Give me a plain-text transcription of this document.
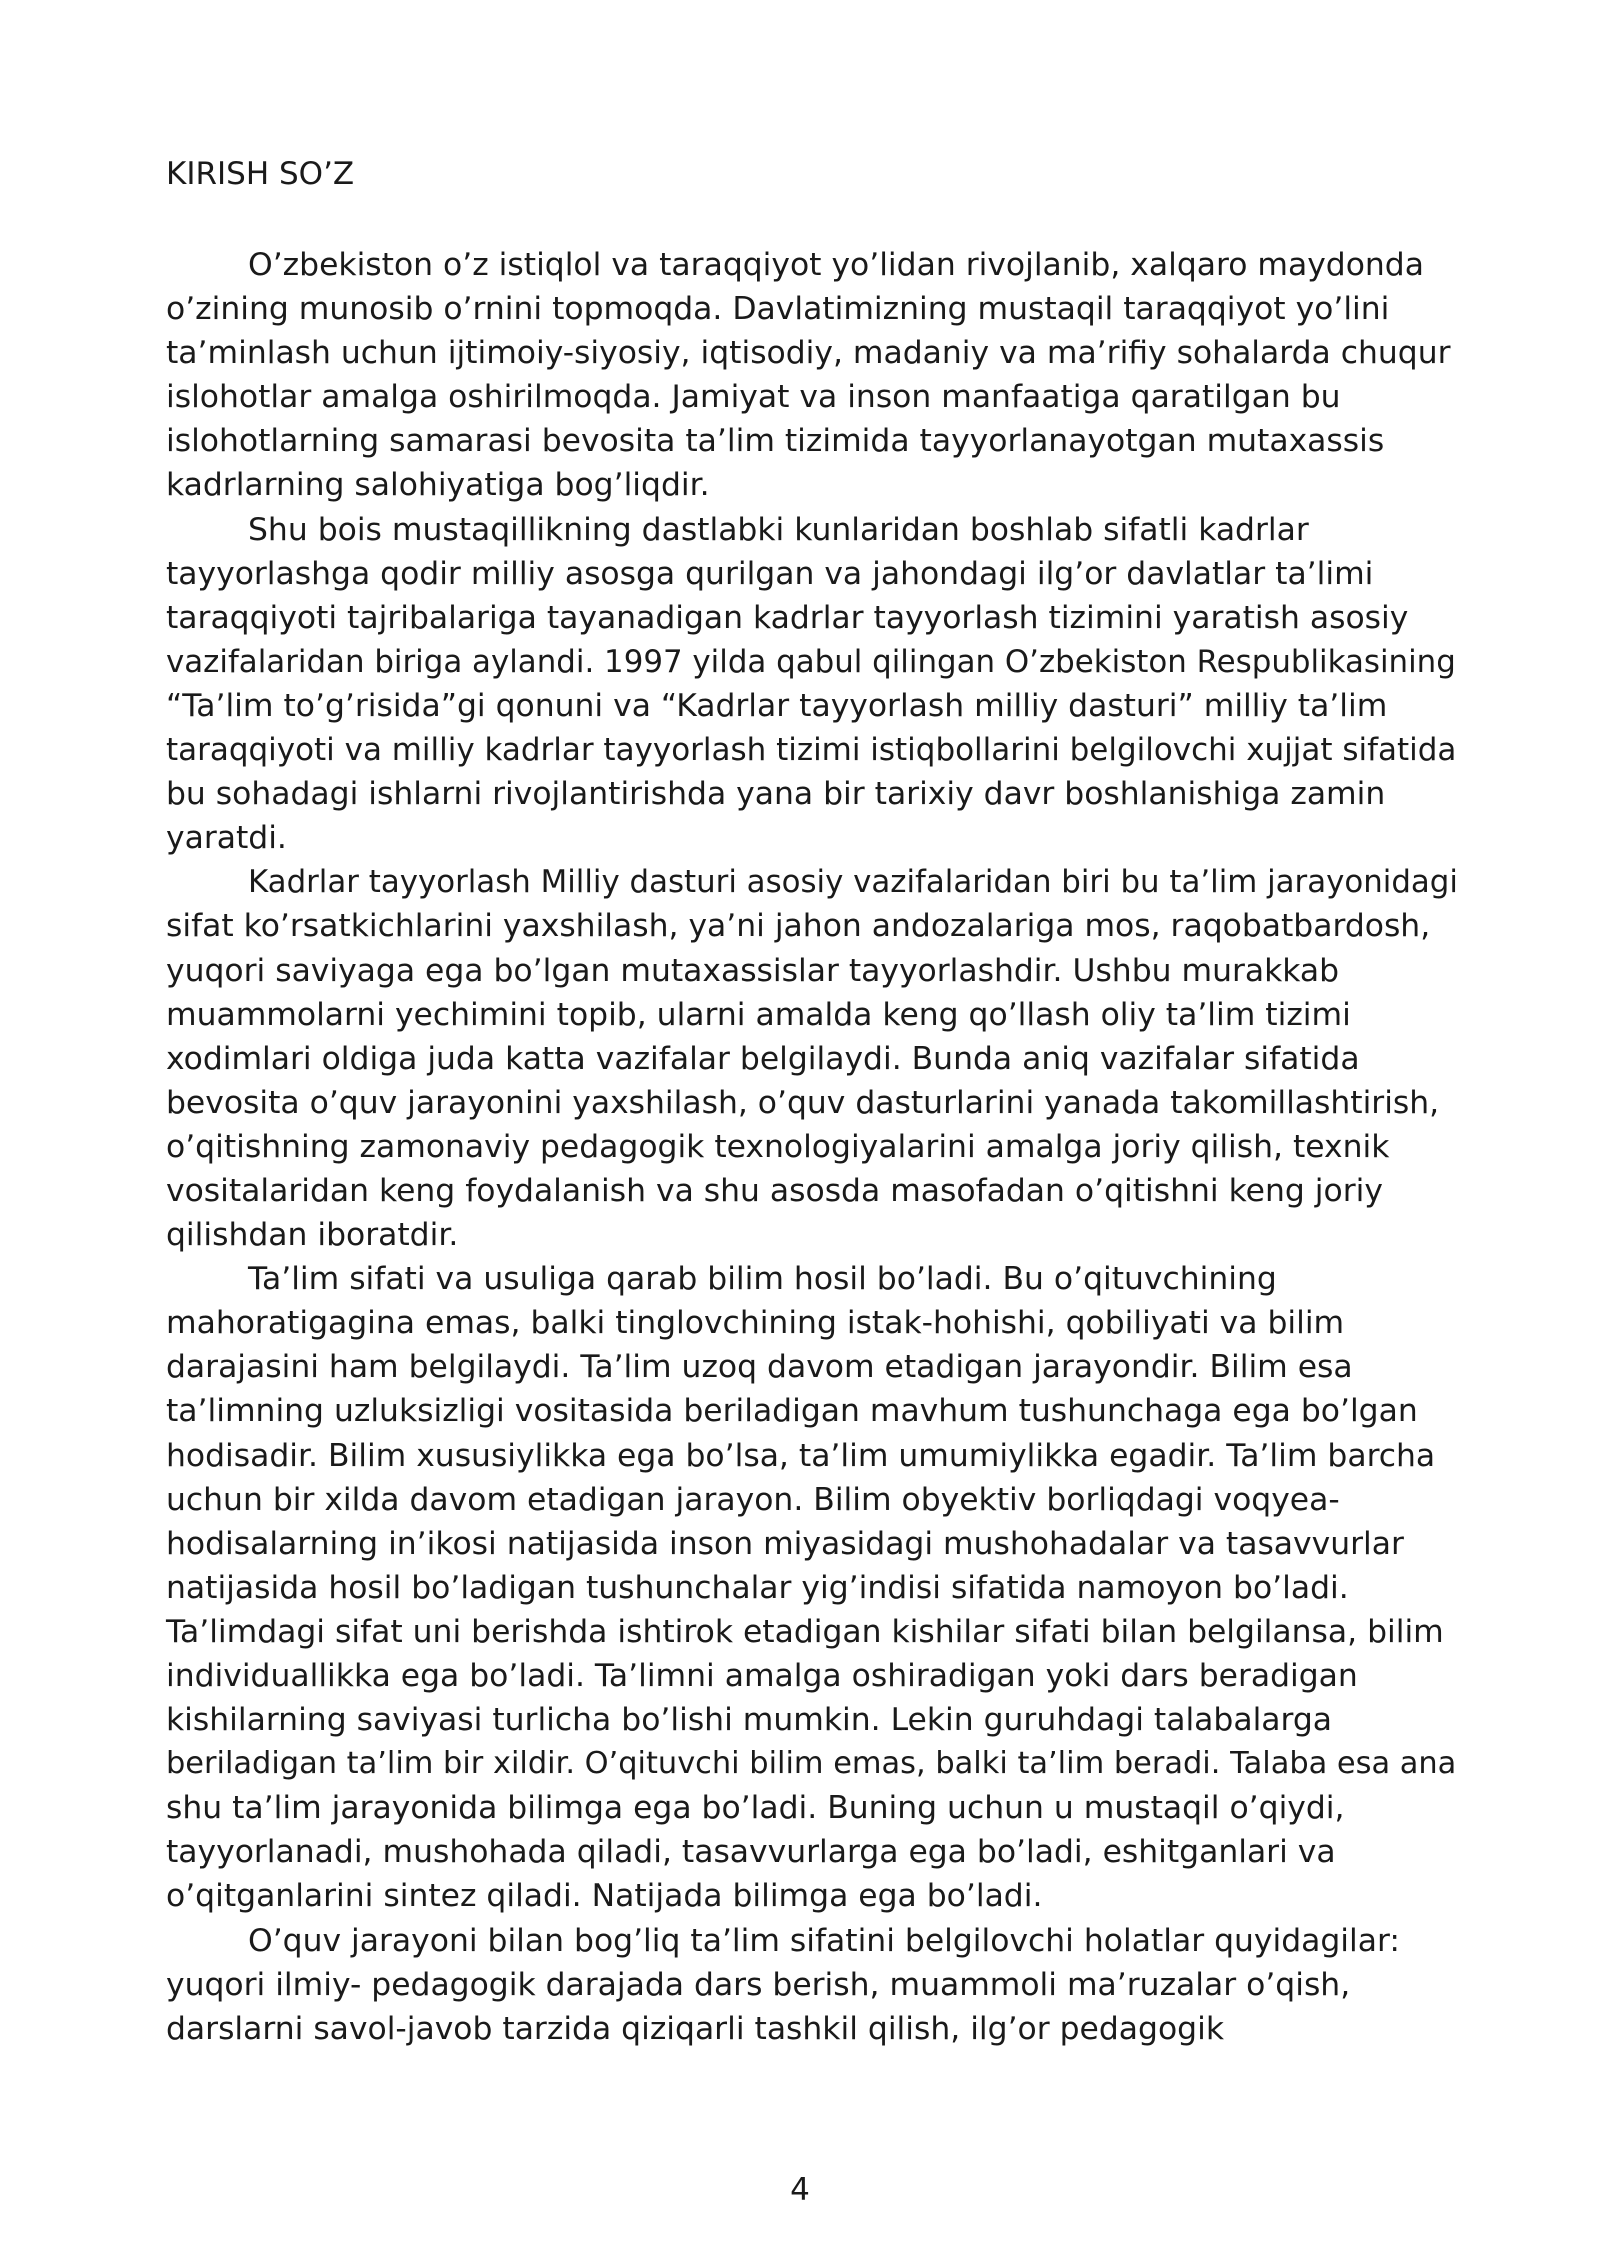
KIRISH SO’Z
O’zbekiston o’z istiqlol va taraqqiyot yo’lidan rivojlanib, xalqaro maydonda
o’zining munosib o’rnini topmoqda. Davlatimizning mustaqil taraqqiyot yo’lini
ta’minlash uchun ijtimoiy-siyosiy, iqtisodiy, madaniy va ma’rifiy sohalarda chuqur
islohotlar amalga oshirilmoqda. Jamiyat va inson manfaatiga qaratilgan bu
islohotlarning samarasi bevosita ta’lim tizimida tayyorlanayotgan mutaxassis
kadrlarning salohiyatiga bog’liqdir.
Shu bois mustaqillikning dastlabki kunlaridan boshlab sifatli kadrlar
tayyorlashga qodir milliy asosga qurilgan va jahondagi ilg’or davlatlar ta’limi
taraqqiyoti tajribalariga tayanadigan kadrlar tayyorlash tizimini yaratish asosiy
vazifalaridan biriga aylandi. 1997 yilda qabul qilingan O’zbekiston Respublikasining
“Ta’lim to’g’risida”gi qonuni va “Kadrlar tayyorlash milliy dasturi” milliy ta’lim
taraqqiyoti va milliy kadrlar tayyorlash tizimi istiqbollarini belgilovchi xujjat sifatida
bu sohadagi ishlarni rivojlantirishda yana bir tarixiy davr boshlanishiga zamin
yaratdi.
Kadrlar tayyorlash Milliy dasturi asosiy vazifalaridan biri bu ta’lim jarayonidagi
sifat ko’rsatkichlarini yaxshilash, ya’ni jahon andozalariga mos, raqobatbardosh,
yuqori saviyaga ega bo’lgan mutaxassislar tayyorlashdir. Ushbu murakkab
muammolarni yechimini topib, ularni amalda keng qo’llash oliy ta’lim tizimi
xodimlari oldiga juda katta vazifalar belgilaydi. Bunda aniq vazifalar sifatida
bevosita o’quv jarayonini yaxshilash, o’quv dasturlarini yanada takomillashtirish,
o’qitishning zamonaviy pedagogik texnologiyalarini amalga joriy qilish, texnik
vositalaridan keng foydalanish va shu asosda masofadan o’qitishni keng joriy
qilishdan iboratdir.
Ta’lim sifati va usuliga qarab bilim hosil bo’ladi. Bu o’qituvchining
mahoratigagina emas, balki tinglovchining istak-hohishi, qobiliyati va bilim
darajasini ham belgilaydi. Ta’lim uzoq davom etadigan jarayondir. Bilim esa
ta’limning uzluksizligi vositasida beriladigan mavhum tushunchaga ega bo’lgan
hodisadir. Bilim xususiylikka ega bo’lsa, ta’lim umumiylikka egadir. Ta’lim barcha
uchun bir xilda davom etadigan jarayon. Bilim obyektiv borliqdagi voqyea-
hodisalarning in’ikosi natijasida inson miyasidagi mushohadalar va tasavvurlar
natijasida hosil bo’ladigan tushunchalar yig’indisi sifatida namoyon bo’ladi.
Ta’limdagi sifat uni berishda ishtirok etadigan kishilar sifati bilan belgilansa, bilim
individuallikka ega bo’ladi. Ta’limni amalga oshiradigan yoki dars beradigan
kishilarning saviyasi turlicha bo’lishi mumkin. Lekin guruhdagi talabalarga
beriladigan ta’lim bir xildir. O’qituvchi bilim emas, balki ta’lim beradi. Talaba esa ana
shu ta’lim jarayonida bilimga ega bo’ladi. Buning uchun u mustaqil o’qiydi,
tayyorlanadi, mushohada qiladi, tasavvurlarga ega bo’ladi, eshitganlari va
o’qitganlarini sintez qiladi. Natijada bilimga ega bo’ladi.
O’quv jarayoni bilan bog’liq ta’lim sifatini belgilovchi holatlar quyidagilar:
yuqori ilmiy- pedagogik darajada dars berish, muammoli ma’ruzalar o’qish,
darslarni savol-javob tarzida qiziqarli tashkil qilish, ilg’or pedagogik
4
